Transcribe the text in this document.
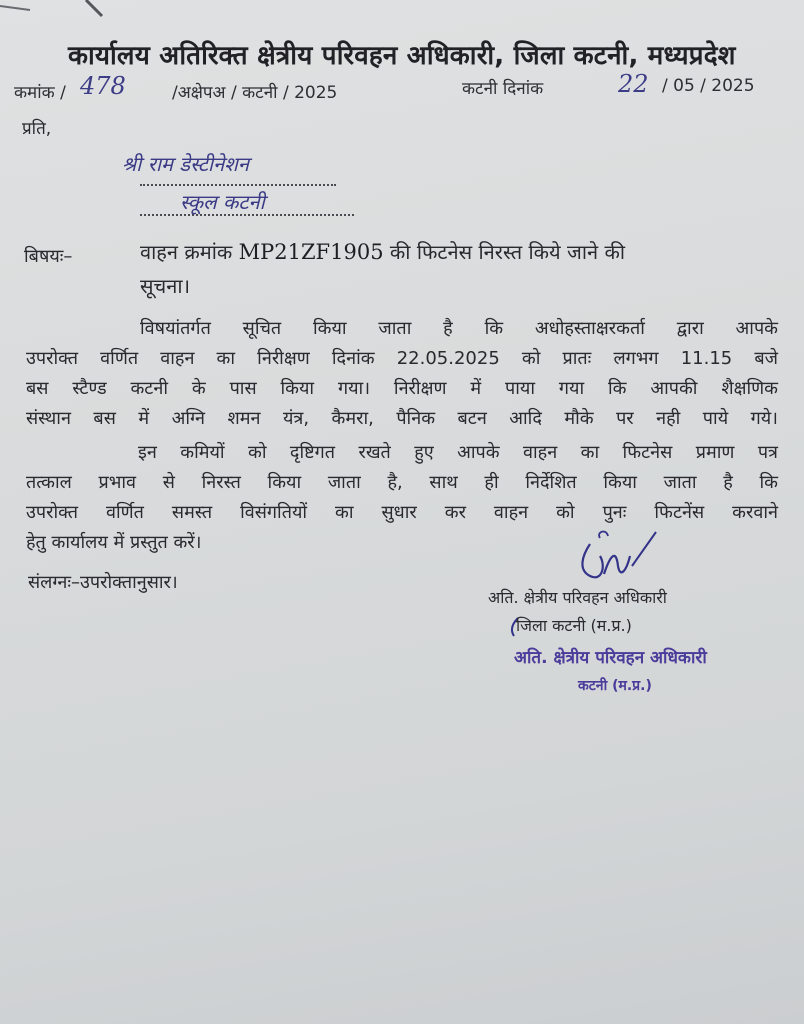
कार्यालय अतिरिक्त क्षेत्रीय परिवहन अधिकारी, जिला कटनी, मध्यप्रदेश
कमांक / 478	/अक्षेपअ / कटनी / 2025	कटनी दिनांक	22 / 05 / 2025
प्रति,
श्री राम डेस्टीनेशन
स्कूल कटनी
बिषयः–	वाहन क्रमांक MP21ZF1905 की फिटनेस निरस्त किये जाने की
सूचना।
विषयांतर्गत सूचित किया जाता है कि अधोहस्ताक्षरकर्ता द्वारा आपके
उपरोक्त वर्णित वाहन का निरीक्षण दिनांक 22.05.2025 को प्रातः लगभग 11.15 बजे
बस स्टैण्ड कटनी के पास किया गया। निरीक्षण में पाया गया कि आपकी शैक्षणिक
संस्थान बस में अग्नि शमन यंत्र, कैमरा, पैनिक बटन आदि मौके पर नही पाये गये।
इन कमियों को दृष्टिगत रखते हुए आपके वाहन का फिटनेस प्रमाण पत्र
तत्काल प्रभाव से निरस्त किया जाता है, साथ ही निर्देशित किया जाता है कि
उपरोक्त वर्णित समस्त विसंगतियों का सुधार कर वाहन को पुनः फिटनेंस करवाने
हेतु कार्यालय में प्रस्तुत करें।
संलग्नः–उपरोक्तानुसार।
अति. क्षेत्रीय परिवहन अधिकारी
जिला कटनी (म.प्र.)
अति. क्षेत्रीय परिवहन अधिकारी
कटनी (म.प्र.)
